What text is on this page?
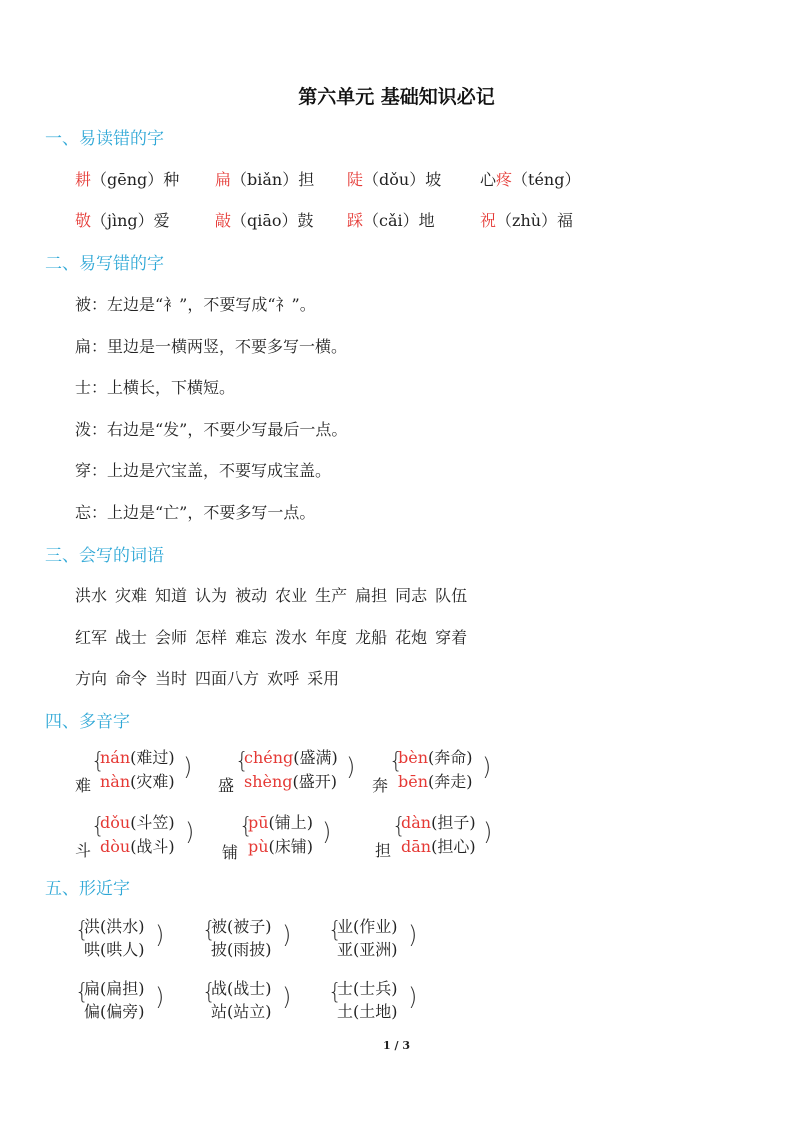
第六单元 基础知识必记
一、易读错的字
耕（gēng）种 扁（biǎn）担 陡（dǒu）坡 心疼（téng）
敬（jìng）爱	敲（qiāo）鼓 踩（cǎi）地	祝（zhù）福
二、易写错的字
被：左边是“衤”，不要写成“礻”。
扁：里边是一横两竖，不要多写一横。
士：上横长，下横短。
泼：右边是“发”，不要少写最后一点。
穿：上边是穴宝盖，不要写成宝盖。
忘：上边是“亡”，不要多写一点。
三、会写的词语
洪水 灾难 知道 认为 被动 农业 生产 扁担 同志 队伍
红军 战士 会师 怎样 难忘 泼水 年度 龙船 花炮 穿着
方向 命令 当时 四面八方 欢呼 采用
四、多音字
难
{
nán(难过)
nàn(灾难)
)
盛
{
chéng(盛满)
shèng(盛开)
)
奔
{
bèn(奔命) )
bēn(奔走)
斗
{
dǒu(斗笠)
dòu(战斗)
)
铺
{
pū(铺上)
pù(床铺)
)
担
{
dàn(担子)
dān(担心)
)
五、形近字
{
洪(洪水)
哄(哄人)
) {
被(被子)
披(雨披)
) {
业(作业)
亚(亚洲)
)
{
扁(扁担)
偏(偏旁)
) {
战(战士)
站(站立)
) {
士(士兵)
土(土地)
)
1 / 3
